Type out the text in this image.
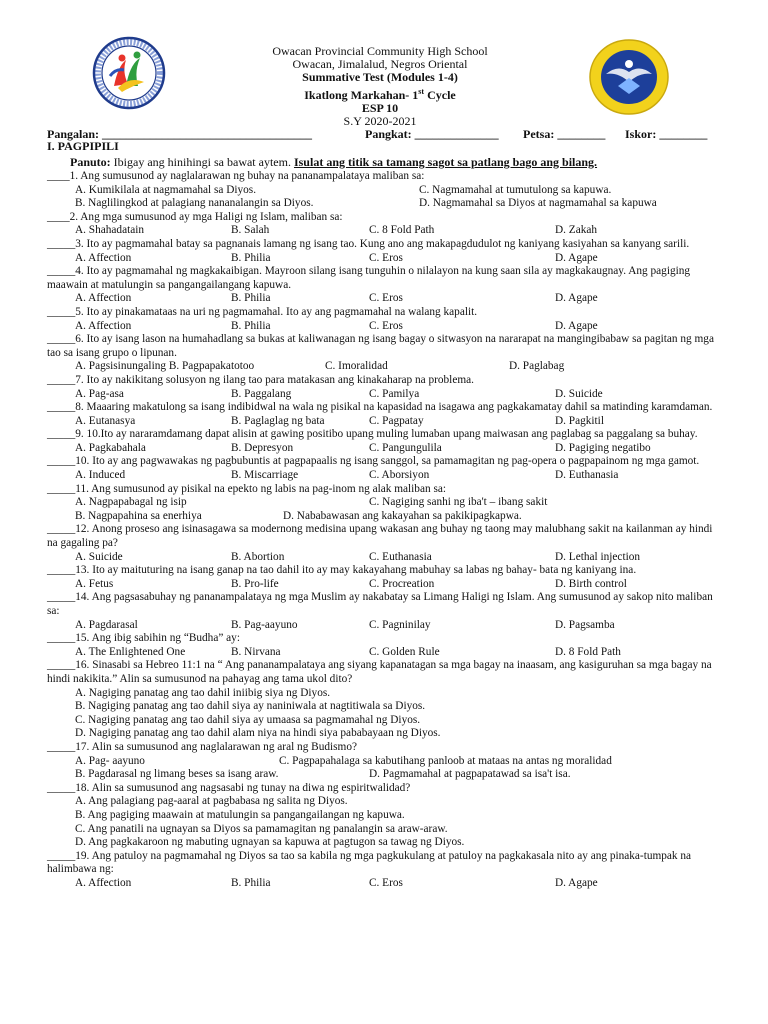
Owacan Provincial Community High School
Owacan, Jimalalud, Negros Oriental
Summative Test (Modules 1-4)
Ikatlong Markahan- 1st Cycle
ESP 10
S.Y 2020-2021
Pangalan: ___________________________________	Pangkat: ______________ Petsa: ________ Iskor: ________
I. PAGPIPILI
Panuto: Ibigay ang hinihingi sa bawat aytem. Isulat ang titik sa tamang sagot sa patlang bago ang bilang.
____1. Ang sumusunod ay naglalarawan ng buhay na pananampalataya maliban sa:
A. Kumikilala at nagmamahal sa Diyos.	C. Nagmamahal at tumutulong sa kapuwa.
B. Naglilingkod at palagiang nananalangin sa Diyos.	D. Nagmamahal sa Diyos at nagmamahal sa kapuwa
____2. Ang mga sumusunod ay mga Haligi ng Islam, maliban sa:
A. Shahadatain	B. Salah	C. 8 Fold Path	D. Zakah
_____3. Ito ay pagmamahal batay sa pagnanais lamang ng isang tao. Kung ano ang makapagdudulot ng kaniyang kasiyahan sa kanyang sarili.
A. Affection	B. Philia	C. Eros	D. Agape
_____4. Ito ay pagmamahal ng magkakaibigan. Mayroon silang isang tunguhin o nilalayon na kung saan sila ay magkakaugnay. Ang pagiging maawain at matulungin sa pangangailangang kapuwa.
A. Affection	B. Philia	C. Eros	D. Agape
_____5. Ito ay pinakamataas na uri ng pagmamahal. Ito ay ang pagmamahal na walang kapalit.
A. Affection	B. Philia	C. Eros	D. Agape
_____6. Ito ay isang lason na humahadlang sa bukas at kaliwanagan ng isang bagay o sitwasyon na nararapat na mangingibabaw sa pagitan ng mga tao sa isang grupo o lipunan.
A. Pagsisinungaling B. Pagpapakatotoo	C. Imoralidad	D. Paglabag
_____7. Ito ay nakikitang solusyon ng ilang tao para matakasan ang kinakaharap na problema.
A. Pag-asa	B. Paggalang	C. Pamilya	D. Suicide
_____8. Maaaring makatulong sa isang indibidwal na wala ng pisikal na kapasidad na isagawa ang pagkakamatay dahil sa matinding karamdaman.
A. Eutanasya	B. Paglaglag ng bata	C. Pagpatay	D. Pagkitil
_____9. 10.Ito ay nararamdamang dapat alisin at gawing positibo upang muling lumaban upang maiwasan ang paglabag sa paggalang sa buhay.
A. Pagkabahala	B. Depresyon	C. Pangungulila	D. Pagiging negatibo
_____10. Ito ay ang pagwawakas ng pagbubuntis at pagpapaalis ng isang sanggol, sa pamamagitan ng pag-opera o pagpapainom ng mga gamot.
A. Induced	B. Miscarriage	C. Aborsiyon	D. Euthanasia
_____11. Ang sumusunod ay pisikal na epekto ng labis na pag-inom ng alak maliban sa:
A. Nagpapabagal ng isip	C. Nagiging sanhi ng iba't – ibang sakit
B. Nagpapahina sa enerhiya	D. Nababawasan ang kakayahan sa pakikipagkapwa.
_____12. Anong proseso ang isinasagawa sa modernong medisina upang wakasan ang buhay ng taong may malubhang sakit na kailanman ay hindi na gagaling pa?
A. Suicide	B. Abortion	C. Euthanasia	D. Lethal injection
_____13. Ito ay maituturing na isang ganap na tao dahil ito ay may kakayahang mabuhay sa labas ng bahay- bata ng kaniyang ina.
A. Fetus	B. Pro-life	C. Procreation	D. Birth control
_____14. Ang pagsasabuhay ng pananampalataya ng mga Muslim ay nakabatay sa Limang Haligi ng Islam. Ang sumusunod ay sakop nito maliban sa:
A. Pagdarasal	B. Pag-aayuno	C. Pagninilay	D. Pagsamba
_____15. Ang ibig sabihin ng “Budha” ay:
A. The Enlightened One	B. Nirvana	C. Golden Rule	D. 8 Fold Path
_____16. Sinasabi sa Hebreo 11:1 na “ Ang pananampalataya ang siyang kapanatagan sa mga bagay na inaasam, ang kasiguruhan sa mga bagay na hindi nakikita.” Alin sa sumusunod na pahayag ang tama ukol dito?
A. Nagiging panatag ang tao dahil iniibig siya ng Diyos.
B. Nagiging panatag ang tao dahil siya ay naniniwala at nagtitiwala sa Diyos.
C. Nagiging panatag ang tao dahil siya ay umaasa sa pagmamahal ng Diyos.
D. Nagiging panatag ang tao dahil alam niya na hindi siya pababayaan ng Diyos.
_____17. Alin sa sumusunod ang naglalarawan ng aral ng Budismo?
A. Pag- aayuno	C. Pagpapahalaga sa kabutihang panloob at mataas na antas ng moralidad
B. Pagdarasal ng limang beses sa isang araw.	D. Pagmamahal at pagpapatawad sa isa't isa.
_____18. Alin sa sumusunod ang nagsasabi ng tunay na diwa ng espiritwalidad?
A. Ang palagiang pag-aaral at pagbabasa ng salita ng Diyos.
B. Ang pagiging maawain at matulungin sa pangangailangan ng kapuwa.
C. Ang panatili na ugnayan sa Diyos sa pamamagitan ng panalangin sa araw-araw.
D. Ang pagkakaroon ng mabuting ugnayan sa kapuwa at pagtugon sa tawag ng Diyos.
_____19. Ang patuloy na pagmamahal ng Diyos sa tao sa kabila ng mga pagkukulang at patuloy na pagkakasala nito ay ang pinaka-tumpak na halimbawa ng:
A. Affection	B. Philia	C. Eros	D. Agape
